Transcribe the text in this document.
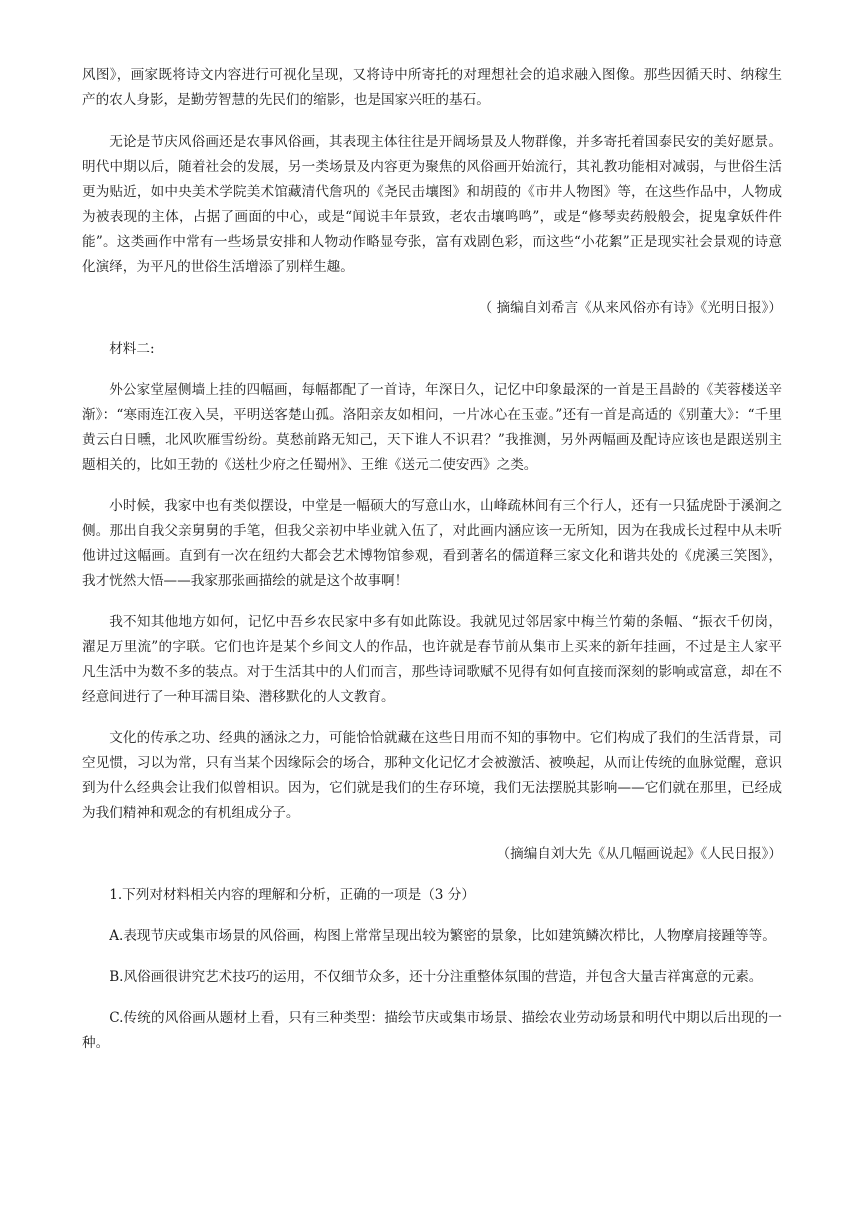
风图》，画家既将诗文内容进行可视化呈现，又将诗中所寄托的对理想社会的追求融入图像。那些因循天时、纳稼生产的农人身影，是勤劳智慧的先民们的缩影，也是国家兴旺的基石。

无论是节庆风俗画还是农事风俗画，其表现主体往往是开阔场景及人物群像，并多寄托着国泰民安的美好愿景。明代中期以后，随着社会的发展，另一类场景及内容更为聚焦的风俗画开始流行，其礼教功能相对减弱，与世俗生活更为贴近，如中央美术学院美术馆藏清代詹巩的《尧民击壤图》和胡葭的《市井人物图》等，在这些作品中，人物成为被表现的主体，占据了画面的中心，或是“闻说丰年景致，老农击壤鸣鸣”，或是“修琴卖药般般会，捉鬼拿妖件件能”。这类画作中常有一些场景安排和人物动作略显夸张，富有戏剧色彩，而这些“小花絮”正是现实社会景观的诗意化演绎，为平凡的世俗生活增添了别样生趣。

（ 摘编自刘希言《从来风俗亦有诗》《光明日报》）

材料二:

外公家堂屋侧墙上挂的四幅画，每幅都配了一首诗，年深日久，记忆中印象最深的一首是王昌龄的《芙蓉楼送辛渐》：“寒雨连江夜入吴，平明送客楚山孤。洛阳亲友如相问，一片冰心在玉壶。”还有一首是高适的《别董大》：“千里黄云白日曛，北风吹雁雪纷纷。莫愁前路无知己，天下谁人不识君？”我推测，另外两幅画及配诗应该也是跟送别主题相关的，比如王勃的《送杜少府之任蜀州》、王维《送元二使安西》之类。

小时候，我家中也有类似摆设，中堂是一幅硕大的写意山水，山峰疏林间有三个行人，还有一只猛虎卧于溪涧之侧。那出自我父亲舅舅的手笔，但我父亲初中毕业就入伍了，对此画内涵应该一无所知，因为在我成长过程中从未听他讲过这幅画。直到有一次在纽约大都会艺术博物馆参观，看到著名的儒道释三家文化和谐共处的《虎溪三笑图》，我才恍然大悟——我家那张画描绘的就是这个故事啊！

我不知其他地方如何，记忆中吾乡农民家中多有如此陈设。我就见过邻居家中梅兰竹菊的条幅、“振衣千仞岗，濯足万里流”的字联。它们也许是某个乡间文人的作品，也许就是春节前从集市上买来的新年挂画，不过是主人家平凡生活中为数不多的装点。对于生活其中的人们而言，那些诗词歌赋不见得有如何直接而深刻的影响或富意，却在不经意间进行了一种耳濡目染、潜移默化的人文教育。

文化的传承之功、经典的涵泳之力，可能恰恰就藏在这些日用而不知的事物中。它们构成了我们的生活背景，司空见惯，习以为常，只有当某个因缘际会的场合，那种文化记忆才会被激活、被唤起，从而让传统的血脉觉醒，意识到为什么经典会让我们似曾相识。因为，它们就是我们的生存环境，我们无法摆脱其影响——它们就在那里，已经成为我们精神和观念的有机组成分子。

（摘编自刘大先《从几幅画说起》《人民日报》）

1.下列对材料相关内容的理解和分析，正确的一项是（3 分）

A.表现节庆或集市场景的风俗画，构图上常常呈现出较为繁密的景象，比如建筑鳞次栉比，人物摩肩接踵等等。

B.风俗画很讲究艺术技巧的运用，不仅细节众多，还十分注重整体氛围的营造，并包含大量吉祥寓意的元素。

C.传统的风俗画从题材上看，只有三种类型：描绘节庆或集市场景、描绘农业劳动场景和明代中期以后出现的一种。
